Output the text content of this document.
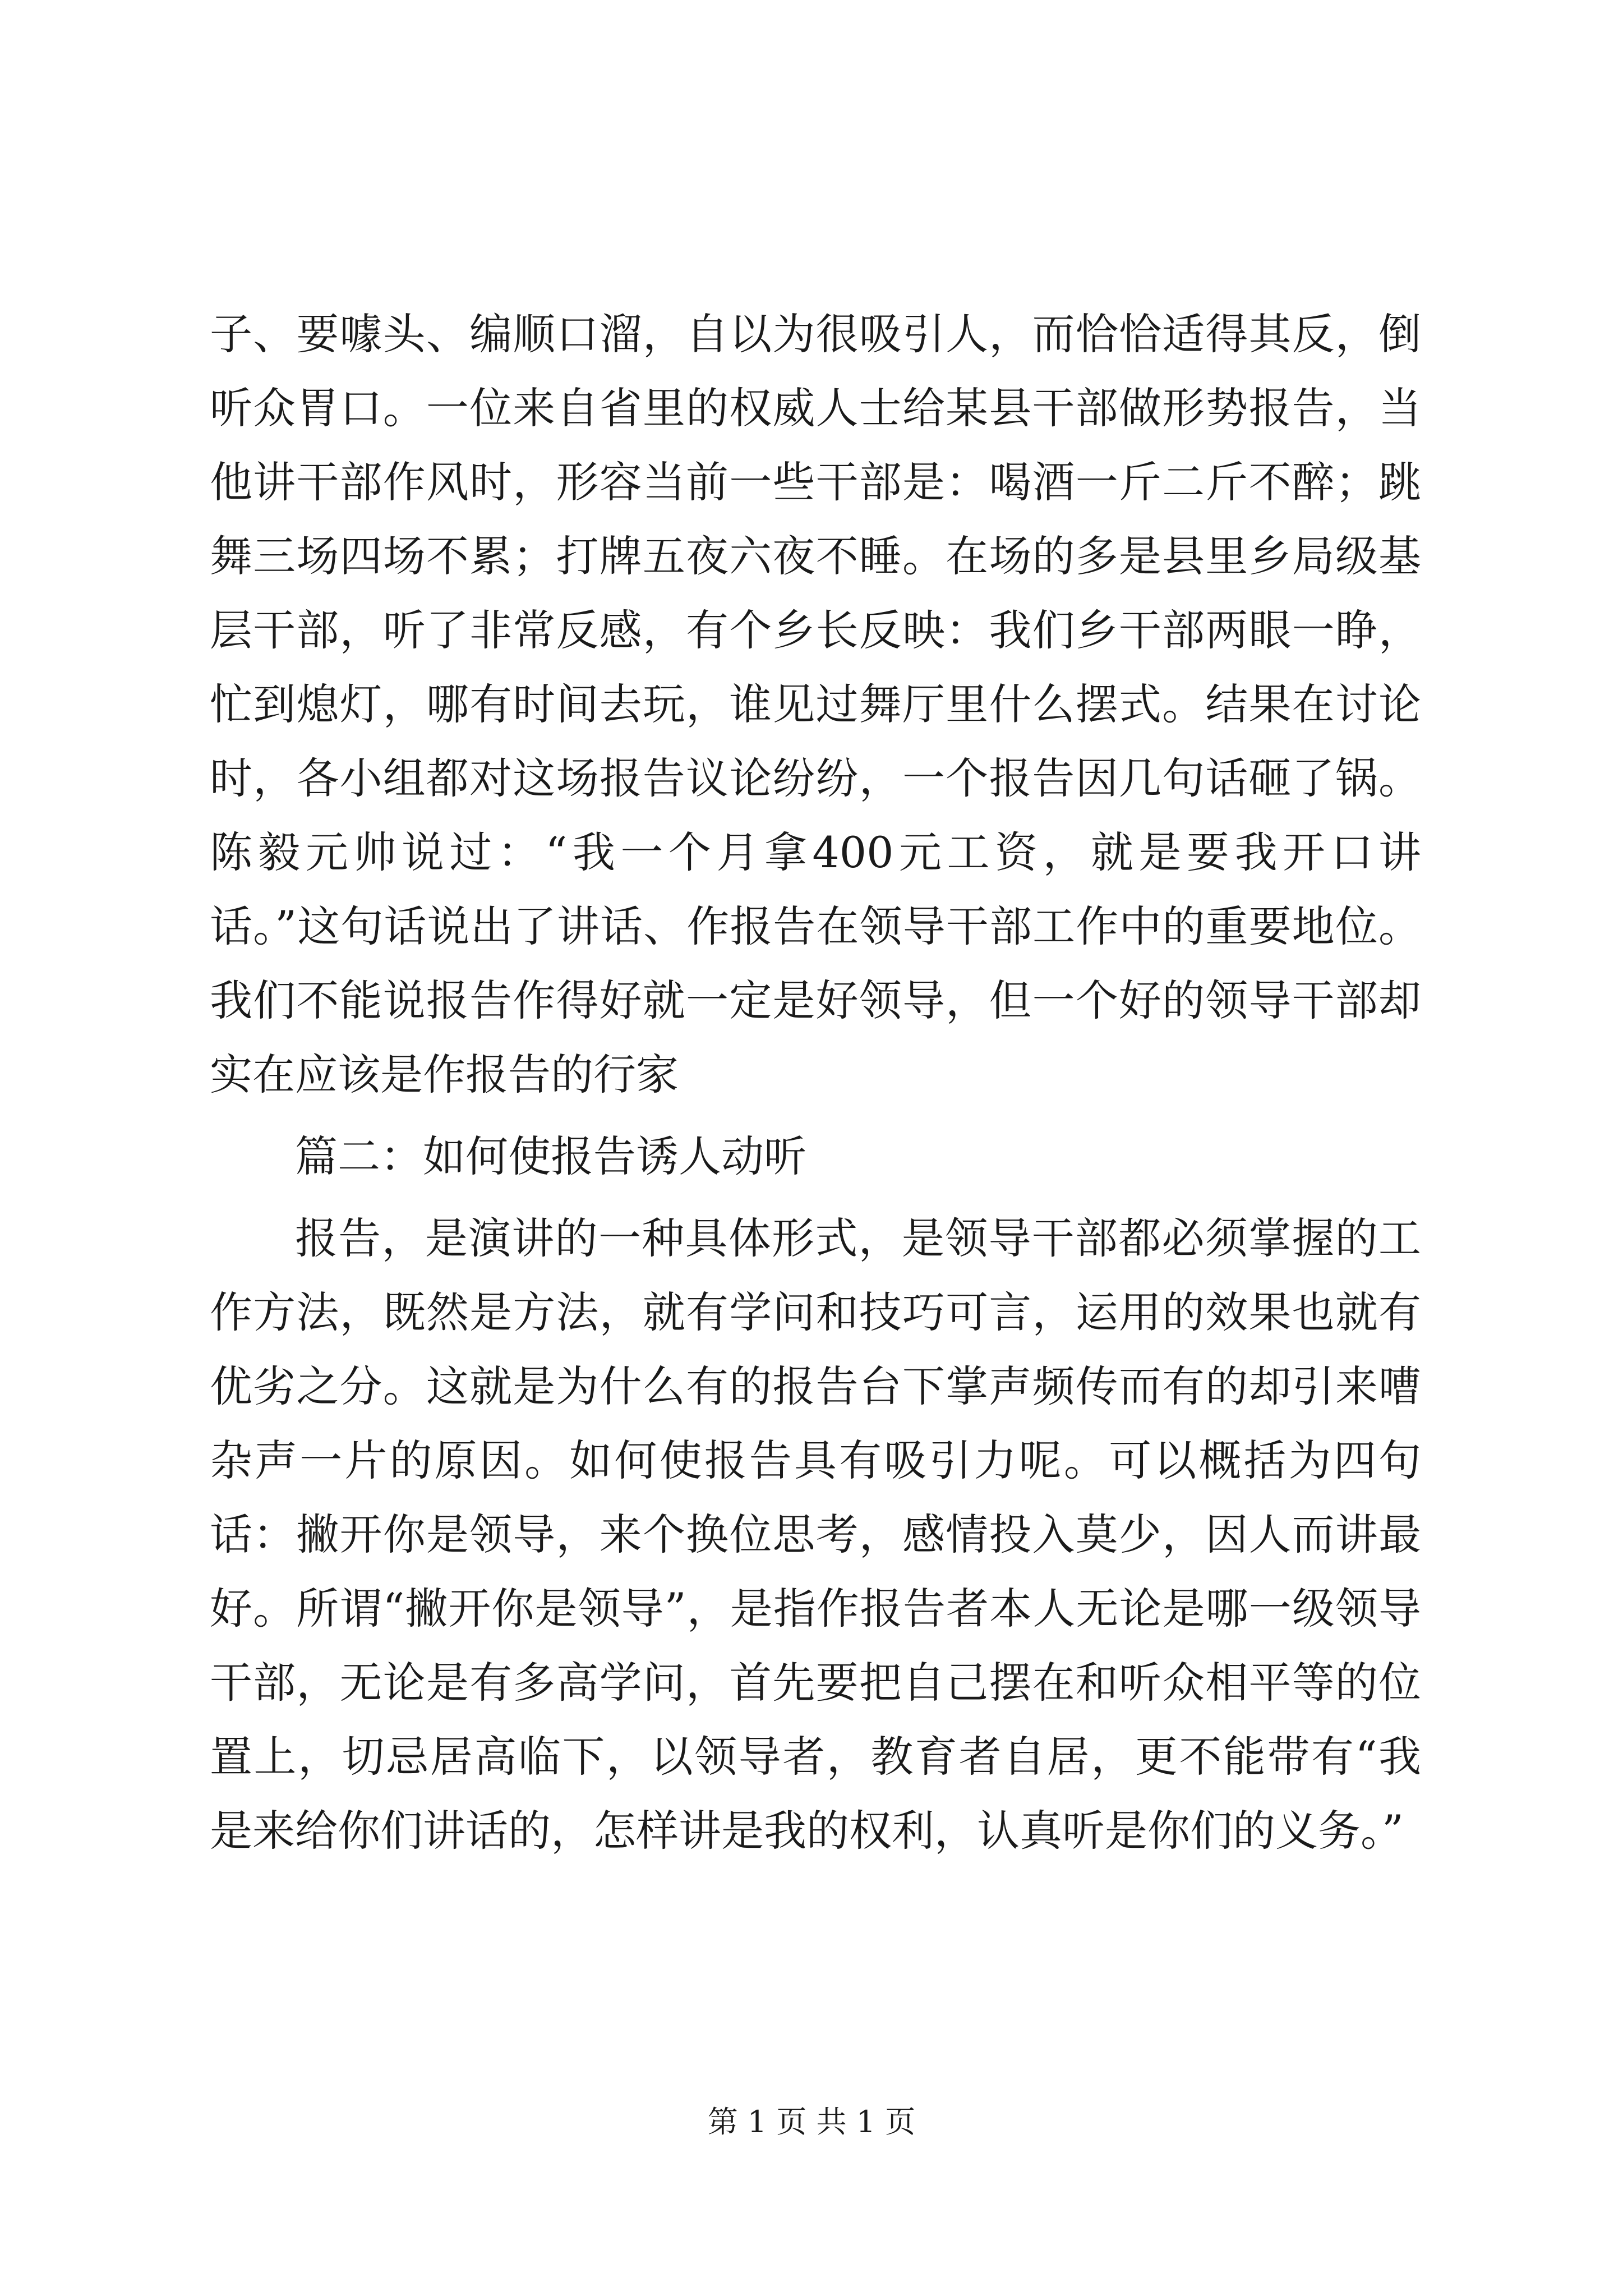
子、要噱头、编顺口溜，自以为很吸引人，而恰恰适得其反，倒听众胃口。一位来自省里的权威人士给某县干部做形势报告，当他讲干部作风时，形容当前一些干部是：喝酒一斤二斤不醉；跳舞三场四场不累；打牌五夜六夜不睡。在场的多是县里乡局级基层干部，听了非常反感，有个乡长反映：我们乡干部两眼一睁，忙到熄灯，哪有时间去玩，谁见过舞厅里什么摆式。结果在讨论时，各小组都对这场报告议论纷纷，一个报告因几句话砸了锅。陈毅元帅说过：“我一个月拿400元工资，就是要我开口讲话。”这句话说出了讲话、作报告在领导干部工作中的重要地位。我们不能说报告作得好就一定是好领导，但一个好的领导干部却实在应该是作报告的行家

篇二：如何使报告诱人动听

报告，是演讲的一种具体形式，是领导干部都必须掌握的工作方法，既然是方法，就有学问和技巧可言，运用的效果也就有优劣之分。这就是为什么有的报告台下掌声频传而有的却引来嘈杂声一片的原因。如何使报告具有吸引力呢。可以概括为四句话：撇开你是领导，来个换位思考，感情投入莫少，因人而讲最好。所谓“撇开你是领导”，是指作报告者本人无论是哪一级领导干部，无论是有多高学问，首先要把自己摆在和听众相平等的位置上，切忌居高临下，以领导者，教育者自居，更不能带有“我是来给你们讲话的，怎样讲是我的权利，认真听是你们的义务。”

第 1 页 共 1 页
